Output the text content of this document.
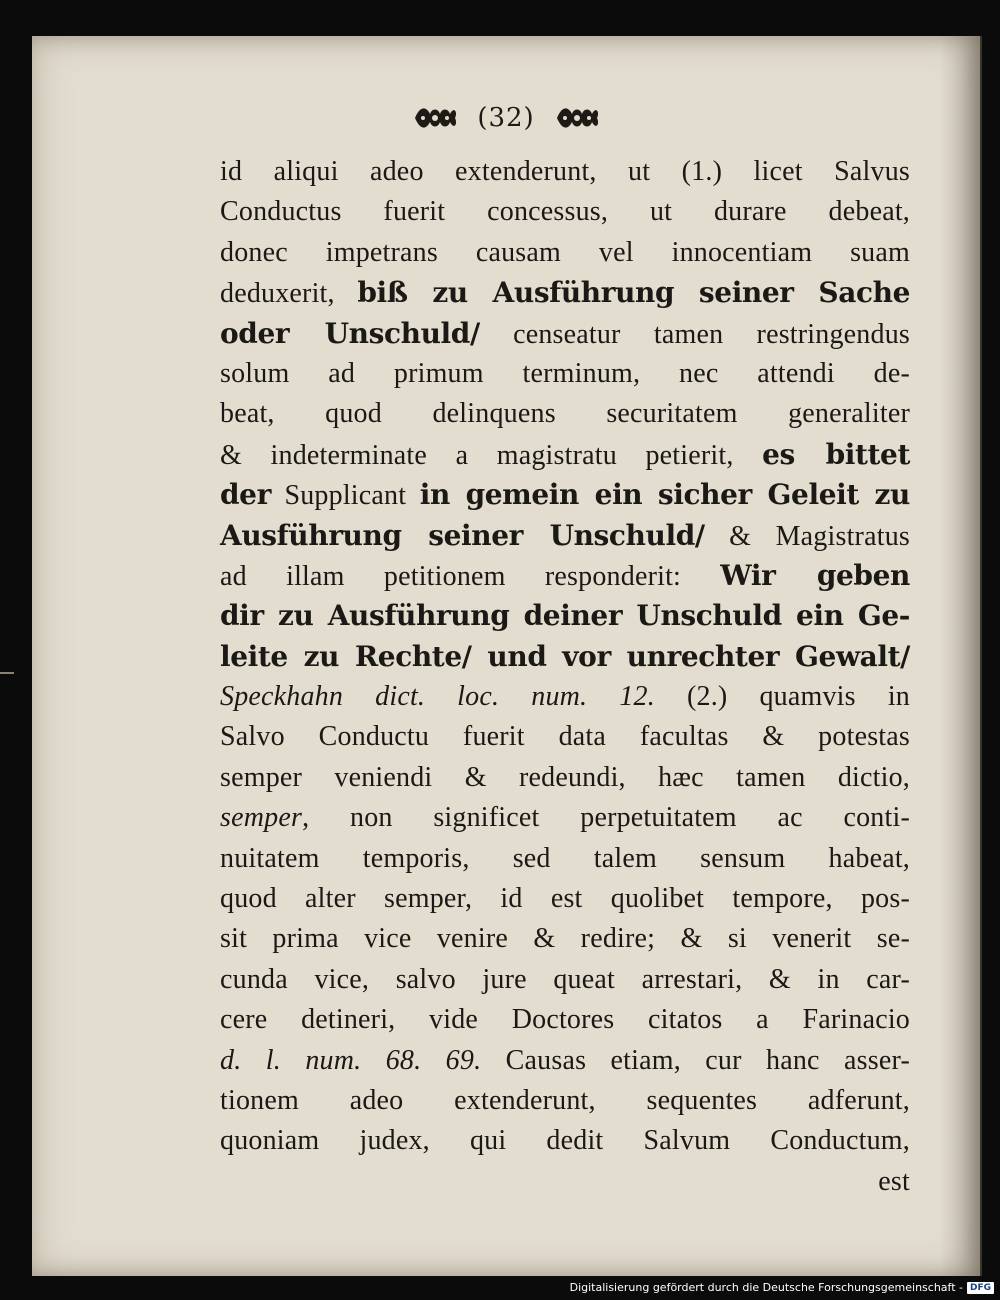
(32)
id aliqui adeo extenderunt, ut (1.) licet Salvus
Conductus fuerit concessus, ut durare debeat,
donec impetrans causam vel innocentiam suam
deduxerit, biß zu Ausführung seiner Sache
oder Unschuld/ censeatur tamen restringendus
solum ad primum terminum, nec attendi de-
beat, quod delinquens securitatem generaliter
& indeterminate a magistratu petierit, es bittet
der Supplicant in gemein ein sicher Geleit zu
Ausführung seiner Unschuld/ & Magistratus
ad illam petitionem responderit: Wir geben
dir zu Ausführung deiner Unschuld ein Ge-
leite zu Rechte/ und vor unrechter Gewalt/
Speckhahn dict. loc. num. 12. (2.) quamvis in
Salvo Conductu fuerit data facultas & potestas
semper veniendi & redeundi, hæc tamen dictio,
semper, non significet perpetuitatem ac conti-
nuitatem temporis, sed talem sensum habeat,
quod alter semper, id est quolibet tempore, pos-
sit prima vice venire & redire; & si venerit se-
cunda vice, salvo jure queat arrestari, & in car-
cere detineri, vide Doctores citatos a Farinacio
d. l. num. 68. 69. Causas etiam, cur hanc asser-
tionem adeo extenderunt, sequentes adferunt,
quoniam judex, qui dedit Salvum Conductum,
est
Digitalisierung gefördert durch die Deutsche Forschungsgemeinschaft - DFG
